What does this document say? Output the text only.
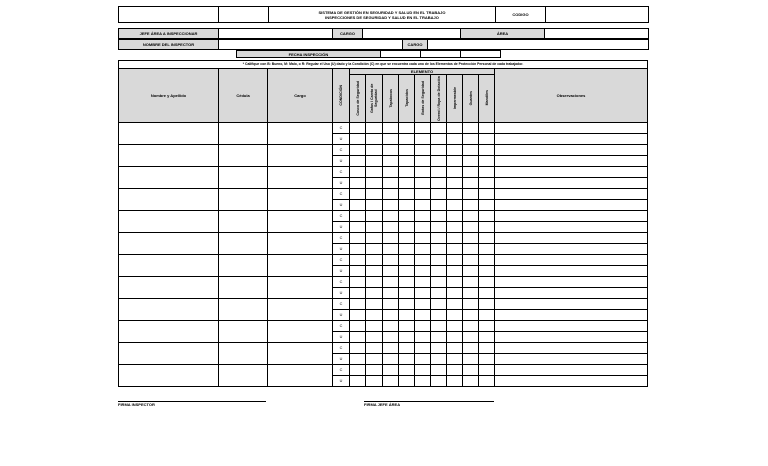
SISTEMA DE GESTIÓN EN SEGURIDAD Y SALUD EN EL TRABAJO
INSPECCIONES DE SEGURIDAD Y SALUD EN EL TRABAJO	CODIGO	
JEFE ÁREA A INSPECCIONAR		CARGO		ÁREA	
NOMBRE DEL INSPECTOR		CARGO	
FECHA INSPECCIÓN			
* Califique con B: Bueno, M: Malo, o R: Regular el Uso (U) dado y la Condición (C) en que se encuentra cada uno de los Elementos de Protección Personal de cada trabajador.													
Nombre y Apellido	Cédula	Cargo	CONDICIÓN	ELEMENTO									Observaciones
				Casco de Seguridad	Gafas / Careta de Seguridad	Tapabocas	Tapaoidos	Botas de Seguridad	Overol / Ropa de Dotación	Impermeable	Guantes	Mandiles	
			C										
			U										
			C										
			U										
			C										
			U										
			C										
			U										
			C										
			U										
			C										
			U										
			C										
			U										
			C										
			U										
			C										
			U										
			C										
			U										
			C										
			U										
			C										
			U										
FIRMA INSPECTOR	FIRMA JEFE ÁREA
